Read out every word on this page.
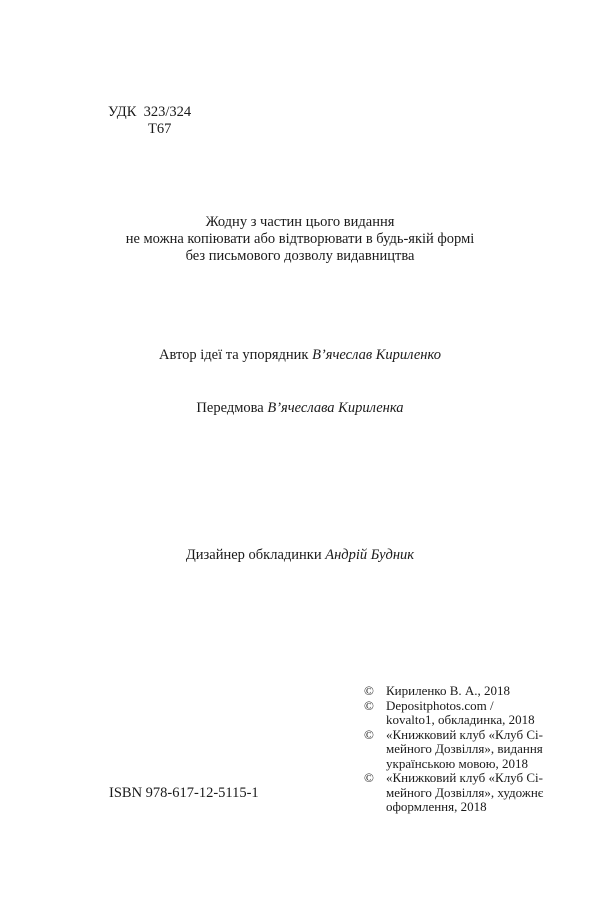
УДК 323/324
Т67
Жодну з частин цього видання
не можна копіювати або відтворювати в будь-якій формі
без письмового дозволу видавництва
Автор ідеї та упорядник В’ячеслав Кириленко
Передмова В’ячеслава Кириленка
Дизайнер обкладинки Андрій Будник
© Кириленко В. А., 2018
© Depositphotos.com / kovalto1, обкладинка, 2018
© «Книжковий клуб «Клуб Сі-мейного Дозвілля», видання українською мовою, 2018
© «Книжковий клуб «Клуб Сі-мейного Дозвілля», художнє оформлення, 2018
ISBN 978-617-12-5115-1
